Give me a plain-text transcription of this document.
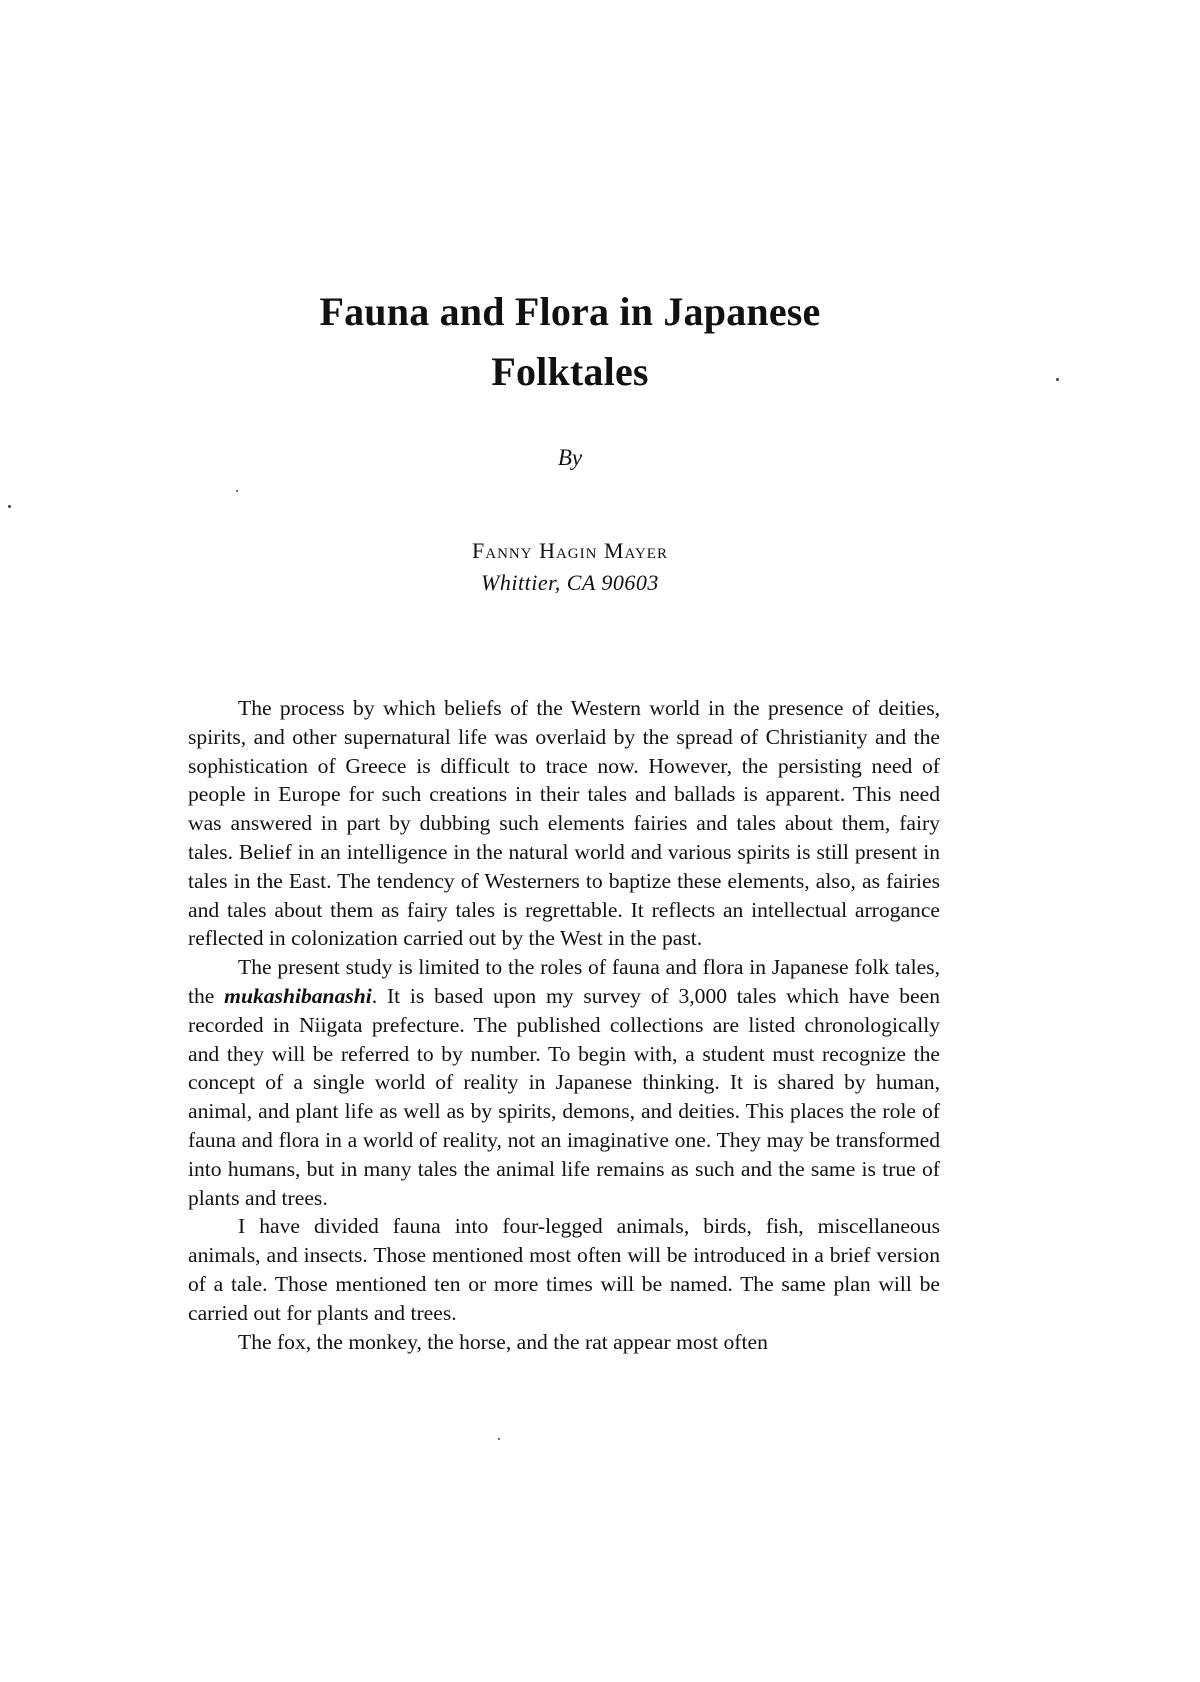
Fauna and Flora in Japanese
Folktales
By
Fanny Hagin Mayer
Whittier, CA 90603

The process by which beliefs of the Western world in the presence of deities, spirits, and other supernatural life was overlaid by the spread of Christianity and the sophistication of Greece is difficult to trace now. However, the persisting need of people in Europe for such creations in their tales and ballads is apparent. This need was answered in part by dubbing such elements fairies and tales about them, fairy tales. Belief in an intelligence in the natural world and various spirits is still present in tales in the East. The tendency of Westerners to baptize these elements, also, as fairies and tales about them as fairy tales is regrettable. It reflects an intellectual arrogance reflected in colonization carried out by the West in the past.

The present study is limited to the roles of fauna and flora in Japanese folk tales, the mukashibanashi. It is based upon my survey of 3,000 tales which have been recorded in Niigata prefecture. The published collections are listed chronologically and they will be referred to by number. To begin with, a student must recognize the concept of a single world of reality in Japanese thinking. It is shared by human, animal, and plant life as well as by spirits, demons, and deities. This places the role of fauna and flora in a world of reality, not an imaginative one. They may be transformed into humans, but in many tales the animal life remains as such and the same is true of plants and trees.

I have divided fauna into four-legged animals, birds, fish, miscellaneous animals, and insects. Those mentioned most often will be introduced in a brief version of a tale. Those mentioned ten or more times will be named. The same plan will be carried out for plants and trees.

The fox, the monkey, the horse, and the rat appear most often
